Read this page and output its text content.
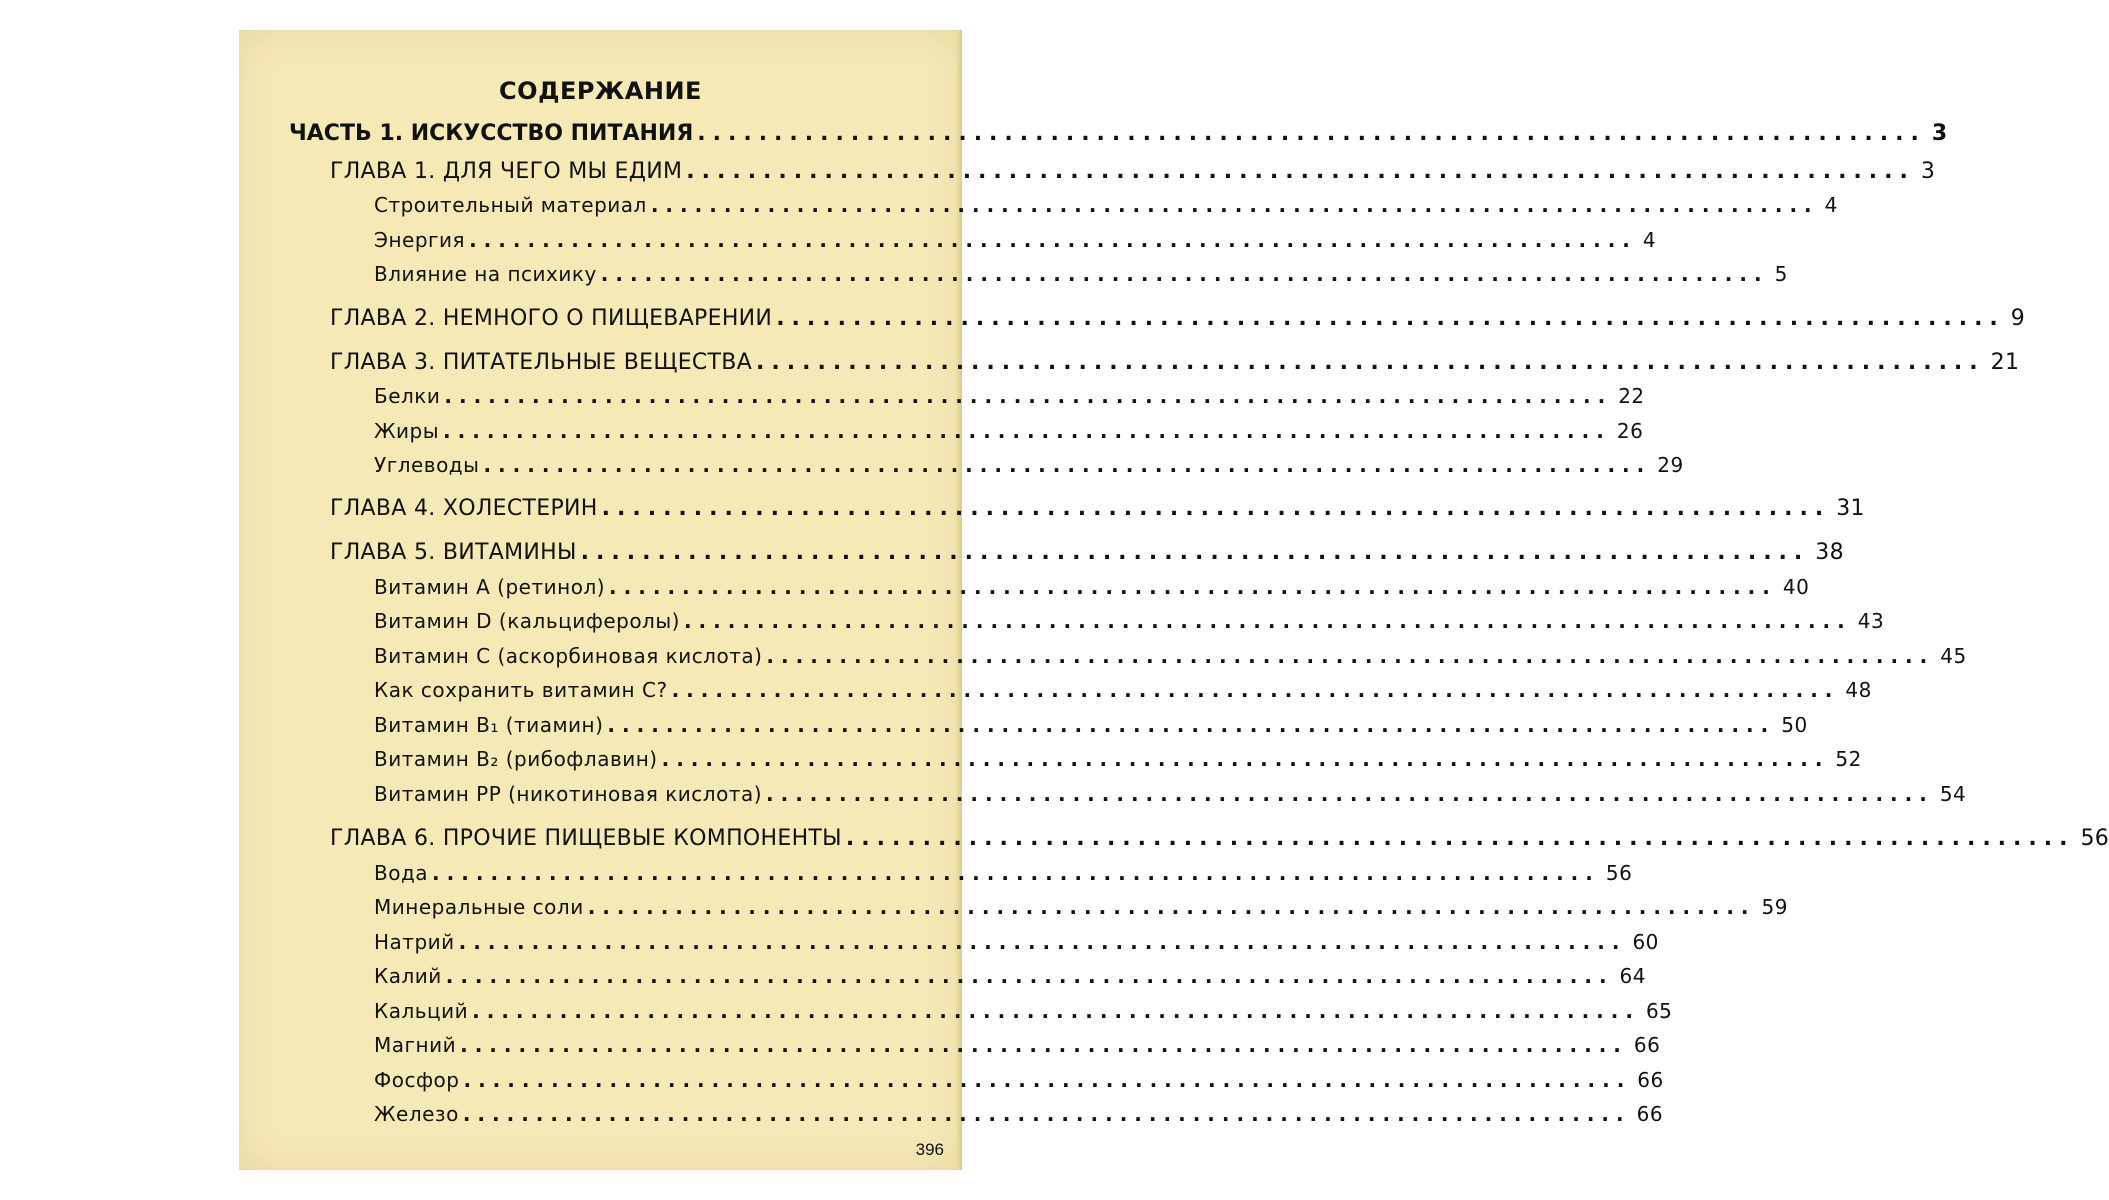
СОДЕРЖАНИЕ
ЧАСТЬ 1. ИСКУССТВО ПИТАНИЯ ................................................................................ 3
ГЛАВА 1. ДЛЯ ЧЕГО МЫ ЕДИМ ................................................................................ 3
Строительный материал ................................................................................ 4
Энергия ................................................................................ 4
Влияние на психику ................................................................................ 5
ГЛАВА 2. НЕМНОГО О ПИЩЕВАРЕНИИ ................................................................................ 9
ГЛАВА 3. ПИТАТЕЛЬНЫЕ ВЕЩЕСТВА ................................................................................ 21
Белки ................................................................................ 22
Жиры ................................................................................ 26
Углеводы ................................................................................ 29
ГЛАВА 4. ХОЛЕСТЕРИН ................................................................................ 31
ГЛАВА 5. ВИТАМИНЫ ................................................................................ 38
Витамин А (ретинол) ................................................................................ 40
Витамин D (кальциферолы) ................................................................................ 43
Витамин С (аскорбиновая кислота) ................................................................................ 45
Как сохранить витамин С? ................................................................................ 48
Витамин B₁ (тиамин) ................................................................................ 50
Витамин B₂ (рибофлавин) ................................................................................ 52
Витамин PP (никотиновая кислота) ................................................................................ 54
ГЛАВА 6. ПРОЧИЕ ПИЩЕВЫЕ КОМПОНЕНТЫ ................................................................................ 56
Вода ................................................................................ 56
Минеральные соли ................................................................................ 59
Натрий ................................................................................ 60
Калий ................................................................................ 64
Кальций ................................................................................ 65
Магний ................................................................................ 66
Фосфор ................................................................................ 66
Железо ................................................................................ 66
396
